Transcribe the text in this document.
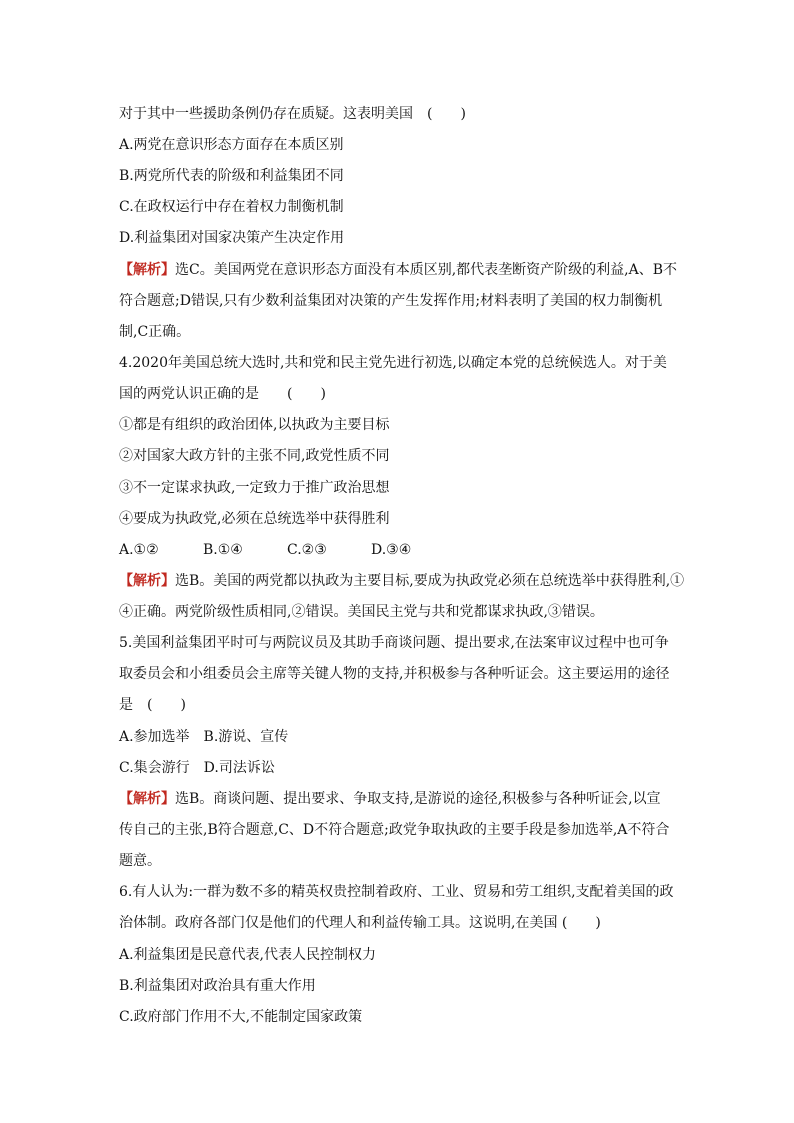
对于其中一些援助条例仍存在质疑。这表明美国　(　　)
A.两党在意识形态方面存在本质区别
B.两党所代表的阶级和利益集团不同
C.在政权运行中存在着权力制衡机制
D.利益集团对国家决策产生决定作用
【解析】选C。美国两党在意识形态方面没有本质区别,都代表垄断资产阶级的利益,A、B不
符合题意;D错误,只有少数利益集团对决策的产生发挥作用;材料表明了美国的权力制衡机
制,C正确。
4.2020年美国总统大选时,共和党和民主党先进行初选,以确定本党的总统候选人。对于美
国的两党认识正确的是　　(　　)
①都是有组织的政治团体,以执政为主要目标
②对国家大政方针的主张不同,政党性质不同
③不一定谋求执政,一定致力于推广政治思想
④要成为执政党,必须在总统选举中获得胜利
A.①②	B.①④	C.②③	D.③④
【解析】选B。美国的两党都以执政为主要目标,要成为执政党必须在总统选举中获得胜利,①
④正确。两党阶级性质相同,②错误。美国民主党与共和党都谋求执政,③错误。
5.美国利益集团平时可与两院议员及其助手商谈问题、提出要求,在法案审议过程中也可争
取委员会和小组委员会主席等关键人物的支持,并积极参与各种听证会。这主要运用的途径
是　(　　)
A.参加选举　B.游说、宣传
C.集会游行　D.司法诉讼
【解析】选B。商谈问题、提出要求、争取支持,是游说的途径,积极参与各种听证会,以宣
传自己的主张,B符合题意,C、D不符合题意;政党争取执政的主要手段是参加选举,A不符合
题意。
6.有人认为:一群为数不多的精英权贵控制着政府、工业、贸易和劳工组织,支配着美国的政
治体制。政府各部门仅是他们的代理人和利益传输工具。这说明,在美国 (　　)
A.利益集团是民意代表,代表人民控制权力
B.利益集团对政治具有重大作用
C.政府部门作用不大,不能制定国家政策
